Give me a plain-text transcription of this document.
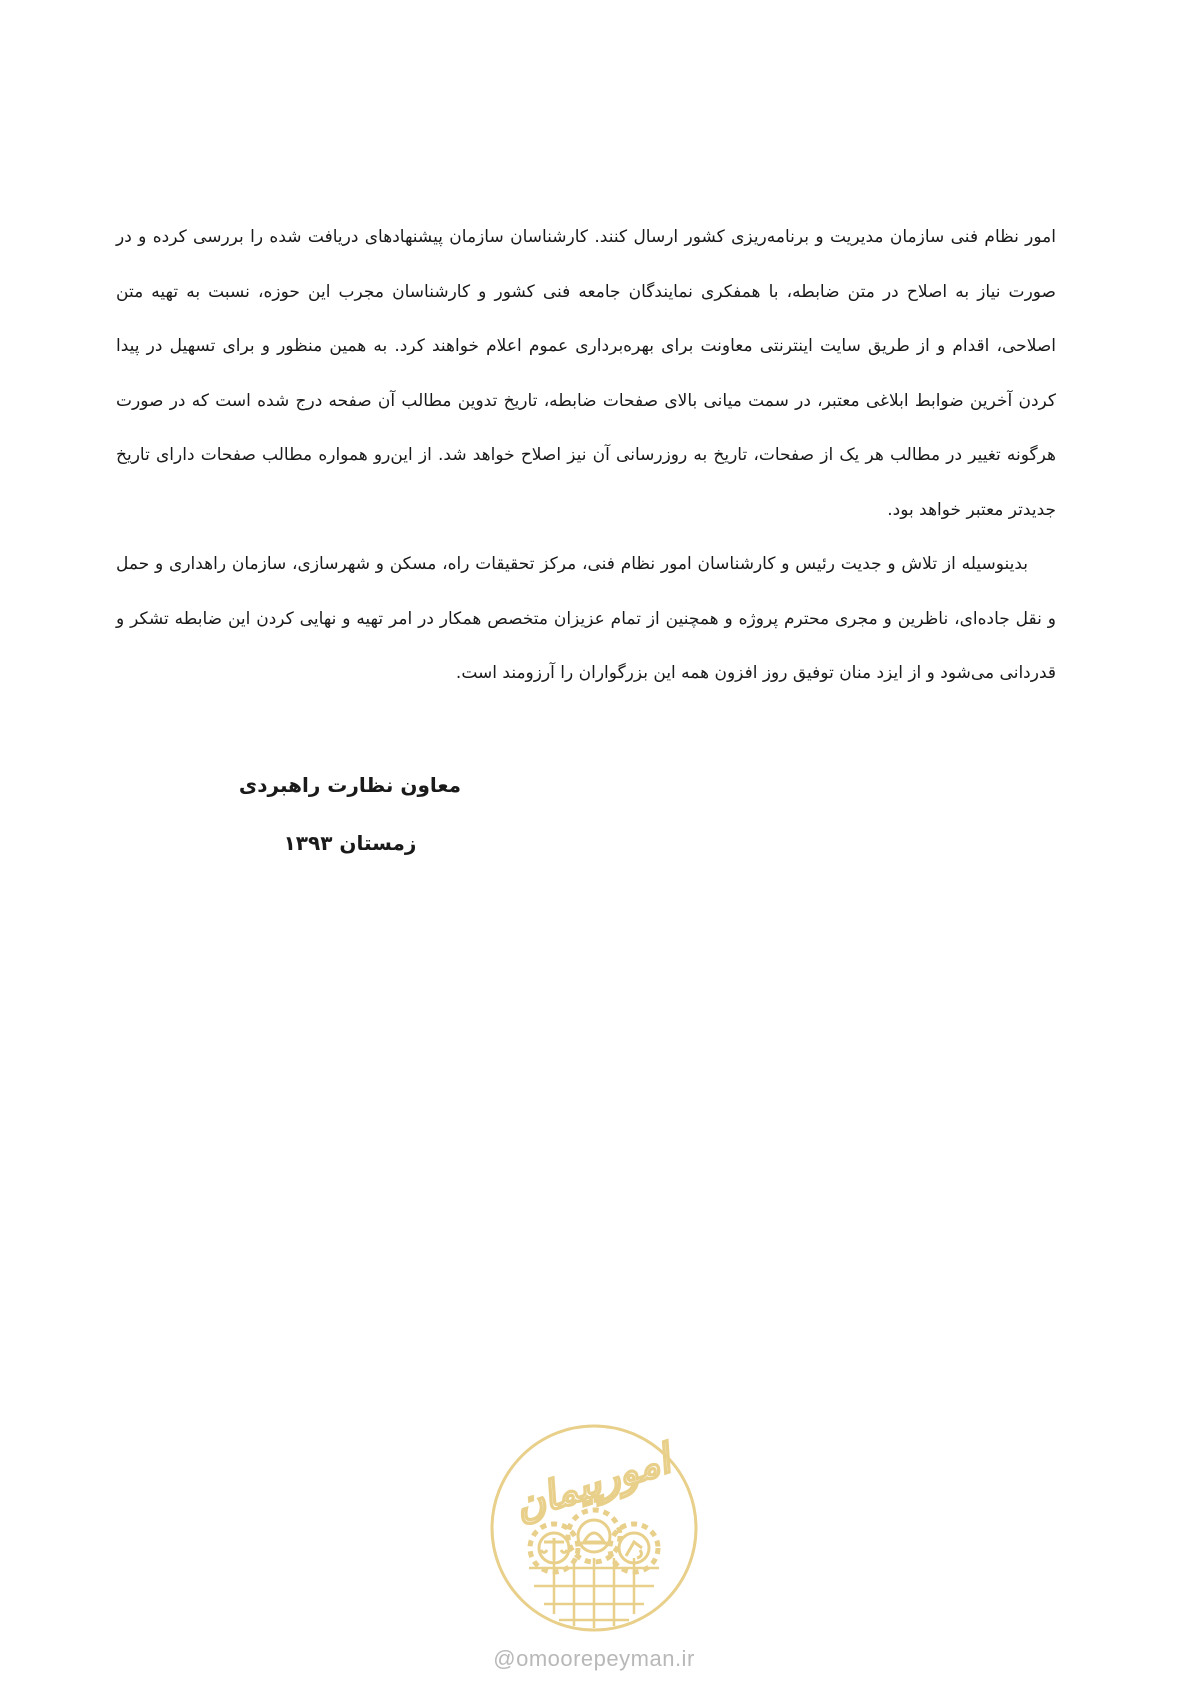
امور نظام فنی سازمان مدیریت و برنامه‌ریزی کشور ارسال کنند. کارشناسان سازمان پیشنهادهای دریافت شده را بررسی کرده و در صورت نیاز به اصلاح در متن ضابطه، با همفکری نمایندگان جامعه فنی کشور و کارشناسان مجرب این حوزه، نسبت به تهیه متن اصلاحی، اقدام و از طریق سایت اینترنتی معاونت برای بهره‌برداری عموم اعلام خواهند کرد. به همین منظور و برای تسهیل در پیدا کردن آخرین ضوابط ابلاغی معتبر، در سمت میانی بالای صفحات ضابطه، تاریخ تدوین مطالب آن صفحه درج شده است که در صورت هرگونه تغییر در مطالب هر یک از صفحات، تاریخ به روزرسانی آن نیز اصلاح خواهد شد. از این‌رو همواره مطالب صفحات دارای تاریخ جدیدتر معتبر خواهد بود.

بدینوسیله از تلاش و جدیت رئیس و کارشناسان امور نظام فنی، مرکز تحقیقات راه، مسکن و شهرسازی، سازمان راهداری و حمل و نقل جاده‌ای، ناظرین و مجری محترم پروژه و همچنین از تمام عزیزان متخصص همکار در امر تهیه و نهایی کردن این ضابطه تشکر و قدردانی می‌شود و از ایزد منان توفیق روز افزون همه این بزرگواران را آرزومند است.

معاون نظارت راهبردی
زمستان ۱۳۹۳
امورپیمان
@omoorepeyman.ir
